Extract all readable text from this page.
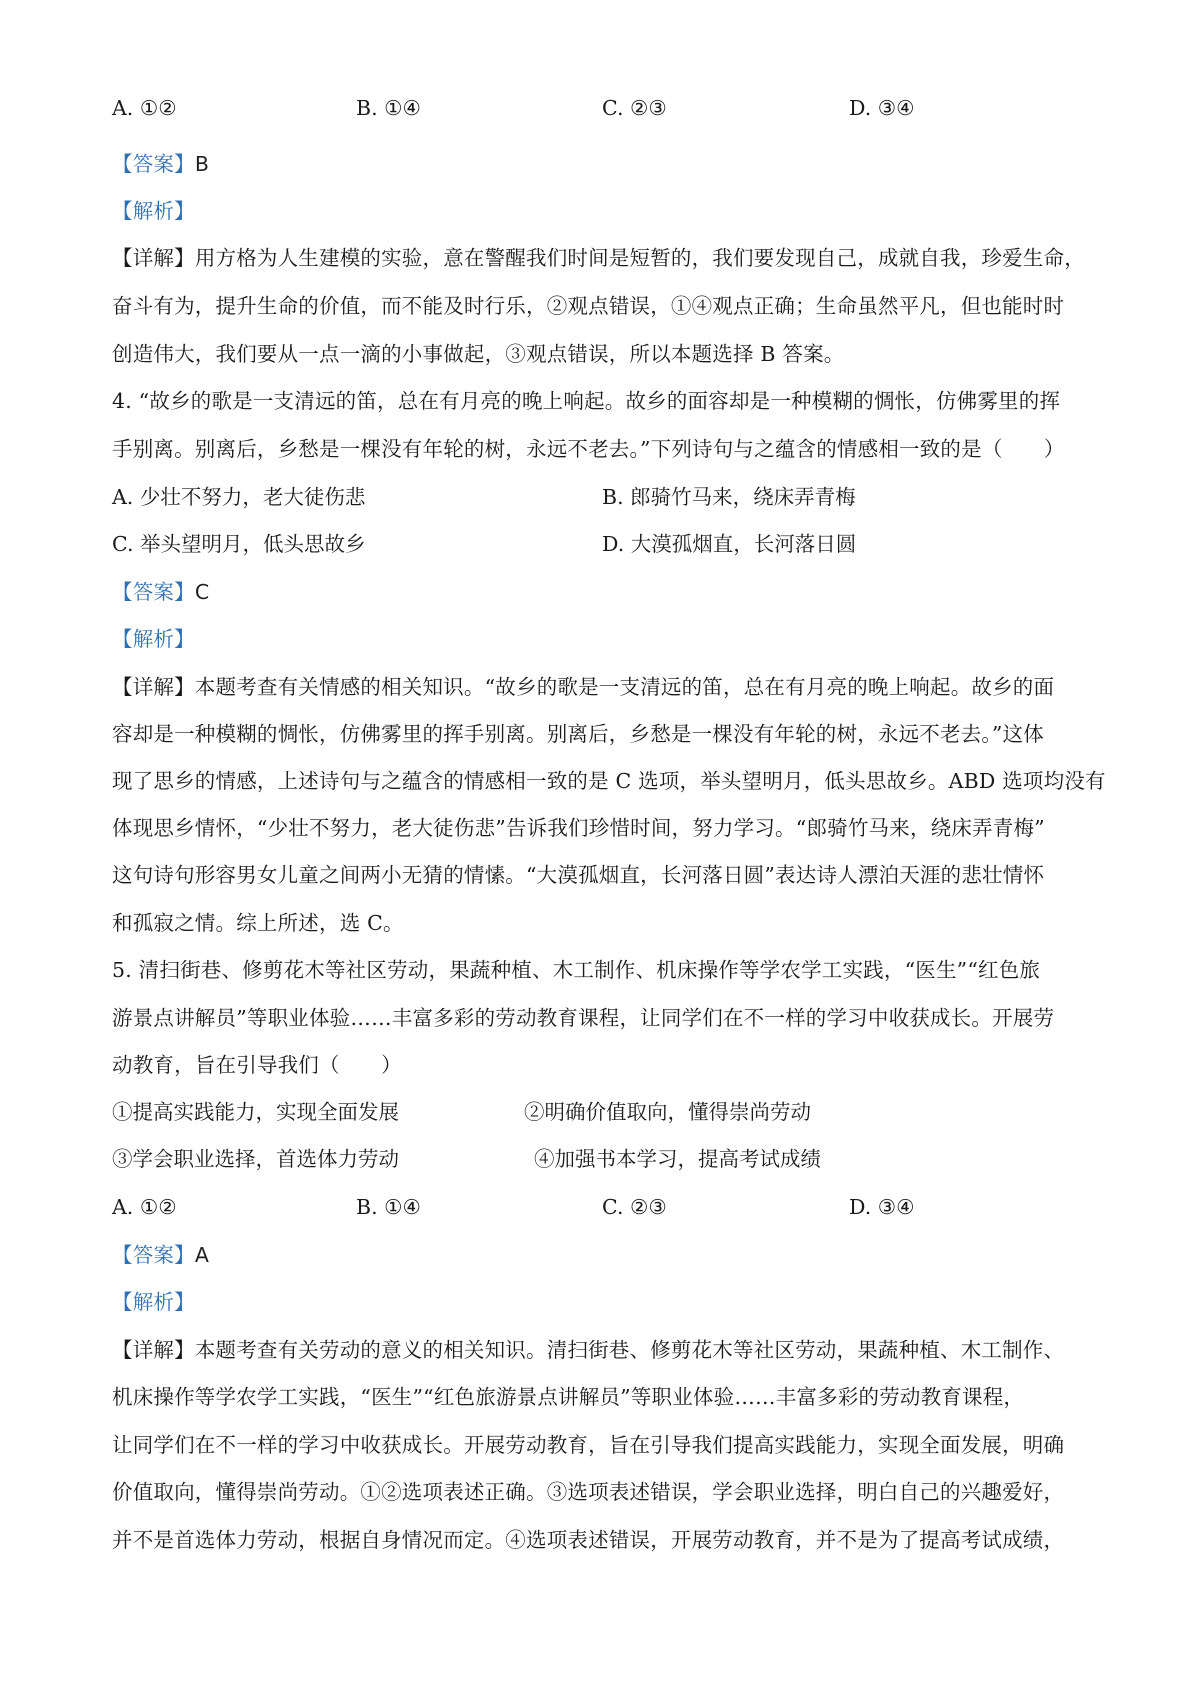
A. ①②	B. ①④	C. ②③	D. ③④
【答案】B
【解析】
【详解】用方格为人生建模的实验，意在警醒我们时间是短暂的，我们要发现自己，成就自我，珍爱生命，
奋斗有为，提升生命的价值，而不能及时行乐，②观点错误，①④观点正确；生命虽然平凡，但也能时时
创造伟大，我们要从一点一滴的小事做起，③观点错误，所以本题选择 B 答案。
4. “故乡的歌是一支清远的笛，总在有月亮的晚上响起。故乡的面容却是一种模糊的惆怅，仿佛雾里的挥
手别离。别离后，乡愁是一棵没有年轮的树，永远不老去。”下列诗句与之蕴含的情感相一致的是（　　）
A. 少壮不努力，老大徒伤悲	B. 郎骑竹马来，绕床弄青梅
C. 举头望明月，低头思故乡	D. 大漠孤烟直，长河落日圆
【答案】C
【解析】
【详解】本题考查有关情感的相关知识。“故乡的歌是一支清远的笛，总在有月亮的晚上响起。故乡的面
容却是一种模糊的惆怅，仿佛雾里的挥手别离。别离后，乡愁是一棵没有年轮的树，永远不老去。”这体
现了思乡的情感，上述诗句与之蕴含的情感相一致的是 C 选项，举头望明月，低头思故乡。ABD 选项均没有
体现思乡情怀，“少壮不努力，老大徒伤悲”告诉我们珍惜时间，努力学习。“郎骑竹马来，绕床弄青梅”
这句诗句形容男女儿童之间两小无猜的情愫。“大漠孤烟直，长河落日圆”表达诗人漂泊天涯的悲壮情怀
和孤寂之情。综上所述，选 C。
5. 清扫街巷、修剪花木等社区劳动，果蔬种植、木工制作、机床操作等学农学工实践，“医生”“红色旅
游景点讲解员”等职业体验……丰富多彩的劳动教育课程，让同学们在不一样的学习中收获成长。开展劳
动教育，旨在引导我们（　　）
①提高实践能力，实现全面发展	②明确价值取向，懂得崇尚劳动
③学会职业选择，首选体力劳动	④加强书本学习，提高考试成绩
A. ①②	B. ①④	C. ②③	D. ③④
【答案】A
【解析】
【详解】本题考查有关劳动的意义的相关知识。清扫街巷、修剪花木等社区劳动，果蔬种植、木工制作、
机床操作等学农学工实践，“医生”“红色旅游景点讲解员”等职业体验……丰富多彩的劳动教育课程，
让同学们在不一样的学习中收获成长。开展劳动教育，旨在引导我们提高实践能力，实现全面发展，明确
价值取向，懂得崇尚劳动。①②选项表述正确。③选项表述错误，学会职业选择，明白自己的兴趣爱好，
并不是首选体力劳动，根据自身情况而定。④选项表述错误，开展劳动教育，并不是为了提高考试成绩，
